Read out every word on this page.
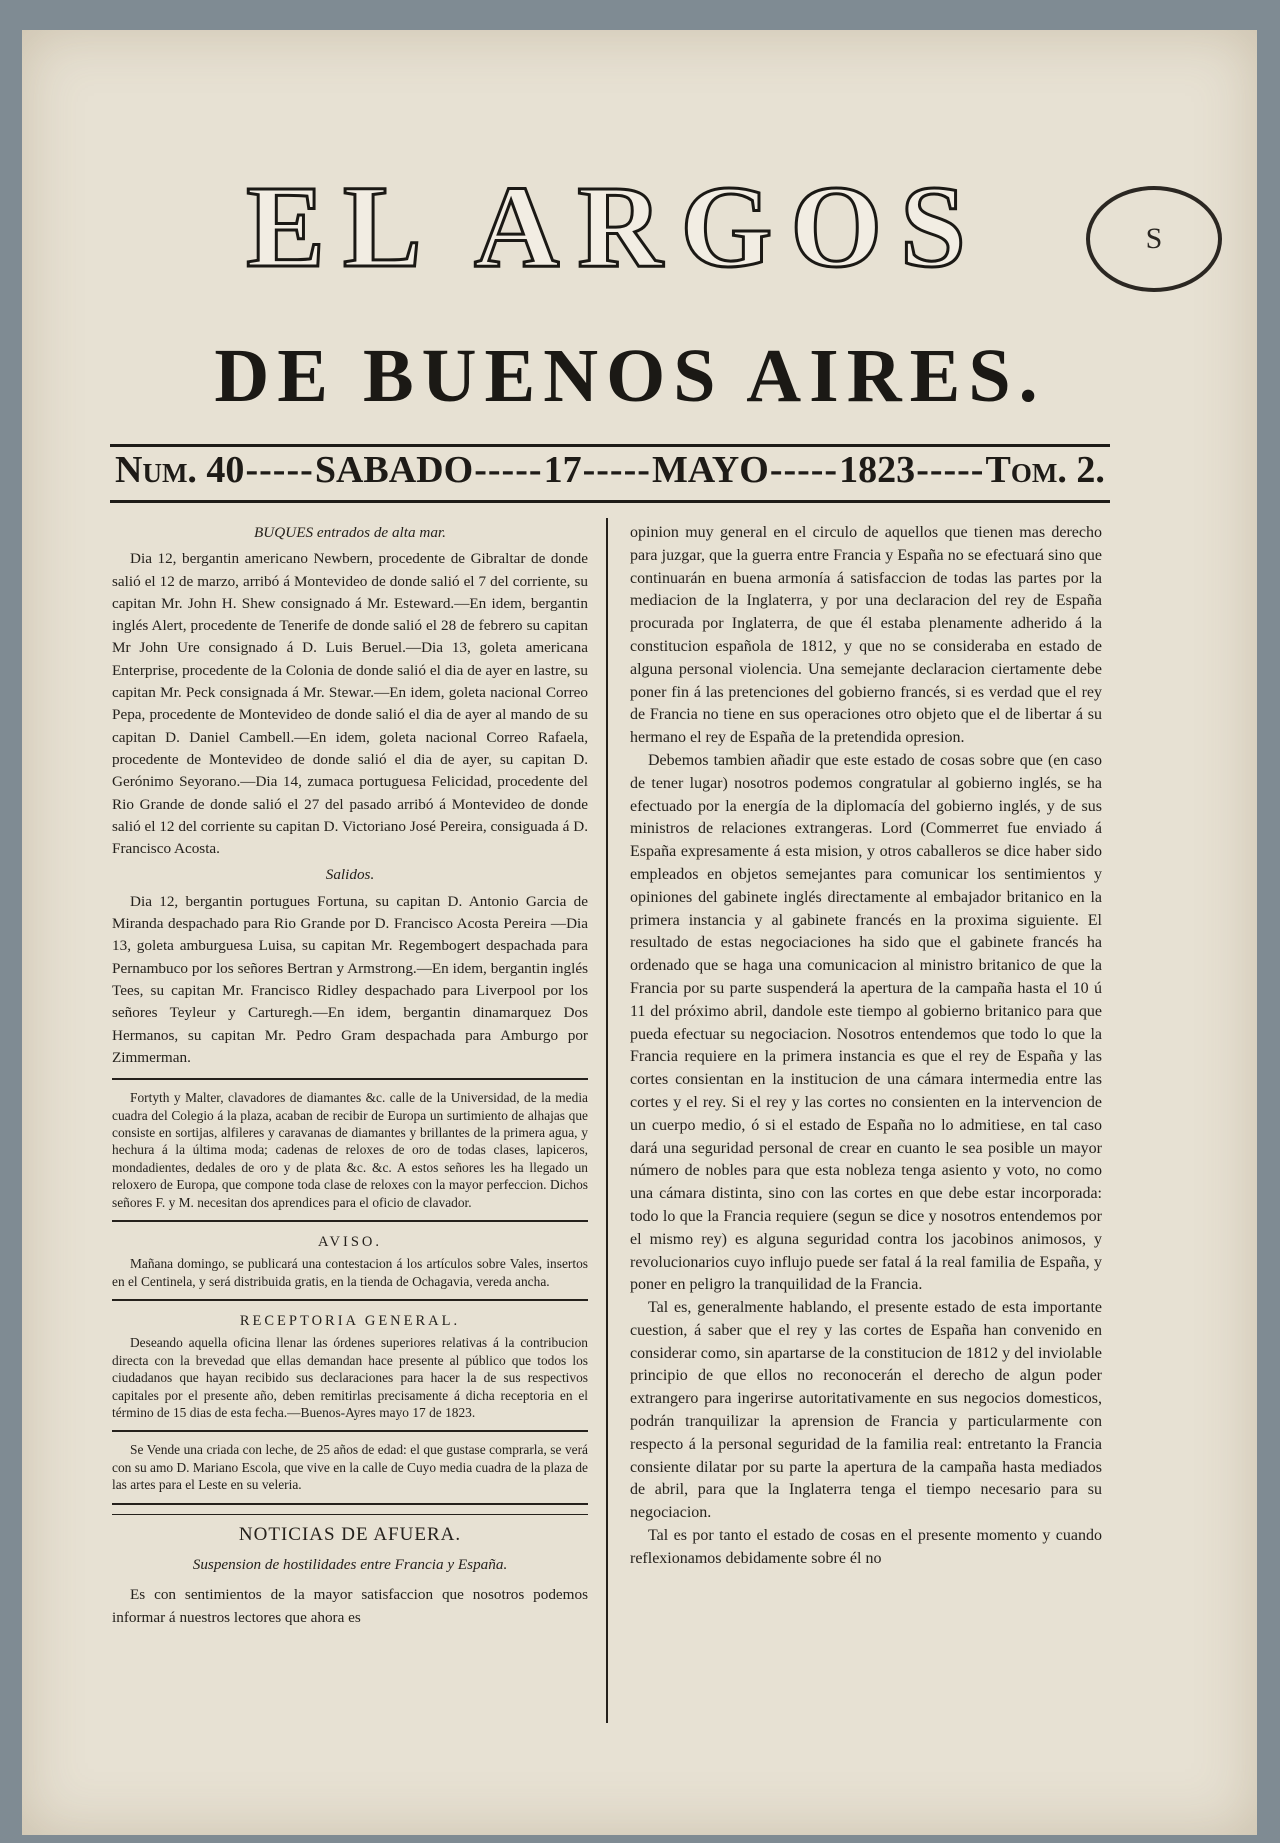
EL ARGOS	S
DE BUENOS AIRES.
Num. 40 ----- SABADO ----- 17 ----- MAYO ----- 1823 ----- Tom. 2.
BUQUES entrados de alta mar.

Dia 12, bergantin americano Newbern, procedente de Gibraltar de donde salió el 12 de marzo, arribó á Montevideo de donde salió el 7 del corriente, su capitan Mr. John H. Shew consignado á Mr. Esteward.—En idem, bergantin inglés Alert, procedente de Tenerife de donde salió el 28 de febrero su capitan Mr John Ure consignado á D. Luis Beruel.—Dia 13, goleta americana Enterprise, procedente de la Colonia de donde salió el dia de ayer en lastre, su capitan Mr. Peck consignada á Mr. Stewar.—En idem, goleta nacional Correo Pepa, procedente de Montevideo de donde salió el dia de ayer al mando de su capitan D. Daniel Cambell.—En idem, goleta nacional Correo Rafaela, procedente de Montevideo de donde salió el dia de ayer, su capitan D. Gerónimo Seyorano.—Dia 14, zumaca portuguesa Felicidad, procedente del Rio Grande de donde salió el 27 del pasado arribó á Montevideo de donde salió el 12 del corriente su capitan D. Victoriano José Pereira, consiguada á D. Francisco Acosta.

Salidos.

Dia 12, bergantin portugues Fortuna, su capitan D. Antonio Garcia de Miranda despachado para Rio Grande por D. Francisco Acosta Pereira —Dia 13, goleta amburguesa Luisa, su capitan Mr. Regembogert despachada para Pernambuco por los señores Bertran y Armstrong.—En idem, bergantin inglés Tees, su capitan Mr. Francisco Ridley despachado para Liverpool por los señores Teyleur y Carturegh.—En idem, bergantin dinamarquez Dos Hermanos, su capitan Mr. Pedro Gram despachada para Amburgo por Zimmerman.

Fortyth y Malter, clavadores de diamantes &c. calle de la Universidad, de la media cuadra del Colegio á la plaza, acaban de recibir de Europa un surtimiento de alhajas que consiste en sortijas, alfileres y caravanas de diamantes y brillantes de la primera agua, y hechura á la última moda; cadenas de reloxes de oro de todas clases, lapiceros, mondadientes, dedales de oro y de plata &c. &c. A estos señores les ha llegado un reloxero de Europa, que compone toda clase de reloxes con la mayor perfeccion. Dichos señores F. y M. necesitan dos aprendices para el oficio de clavador.

AVISO.

Mañana domingo, se publicará una contestacion á los artículos sobre Vales, insertos en el Centinela, y será distribuida gratis, en la tienda de Ochagavia, vereda ancha.

RECEPTORIA GENERAL.

Deseando aquella oficina llenar las órdenes superiores relativas á la contribucion directa con la brevedad que ellas demandan hace presente al público que todos los ciudadanos que hayan recibido sus declaraciones para hacer la de sus respectivos capitales por el presente año, deben remitirlas precisamente á dicha receptoria en el término de 15 dias de esta fecha.—Buenos-Ayres mayo 17 de 1823.

Se Vende una criada con leche, de 25 años de edad: el que gustase comprarla, se verá con su amo D. Mariano Escola, que vive en la calle de Cuyo media cuadra de la plaza de las artes para el Leste en su veleria.

NOTICIAS DE AFUERA.
Suspension de hostilidades entre Francia y España.

Es con sentimientos de la mayor satisfaccion que nosotros podemos informar á nuestros lectores que ahora es

opinion muy general en el circulo de aquellos que tienen mas derecho para juzgar, que la guerra entre Francia y España no se efectuará sino que continuarán en buena armonía á satisfaccion de todas las partes por la mediacion de la Inglaterra, y por una declaracion del rey de España procurada por Inglaterra, de que él estaba plenamente adherido á la constitucion española de 1812, y que no se consideraba en estado de alguna personal violencia. Una semejante declaracion ciertamente debe poner fin á las pretenciones del gobierno francés, si es verdad que el rey de Francia no tiene en sus operaciones otro objeto que el de libertar á su hermano el rey de España de la pretendida opresion.

Debemos tambien añadir que este estado de cosas sobre que (en caso de tener lugar) nosotros podemos congratular al gobierno inglés, se ha efectuado por la energía de la diplomacía del gobierno inglés, y de sus ministros de relaciones extrangeras. Lord (Commerret fue enviado á España expresamente á esta mision, y otros caballeros se dice haber sido empleados en objetos semejantes para comunicar los sentimientos y opiniones del gabinete inglés directamente al embajador britanico en la primera instancia y al gabinete francés en la proxima siguiente. El resultado de estas negociaciones ha sido que el gabinete francés ha ordenado que se haga una comunicacion al ministro britanico de que la Francia por su parte suspenderá la apertura de la campaña hasta el 10 ú 11 del próximo abril, dandole este tiempo al gobierno britanico para que pueda efectuar su negociacion. Nosotros entendemos que todo lo que la Francia requiere en la primera instancia es que el rey de España y las cortes consientan en la institucion de una cámara intermedia entre las cortes y el rey. Si el rey y las cortes no consienten en la intervencion de un cuerpo medio, ó si el estado de España no lo admitiese, en tal caso dará una seguridad personal de crear en cuanto le sea posible un mayor número de nobles para que esta nobleza tenga asiento y voto, no como una cámara distinta, sino con las cortes en que debe estar incorporada: todo lo que la Francia requiere (segun se dice y nosotros entendemos por el mismo rey) es alguna seguridad contra los jacobinos animosos, y revolucionarios cuyo influjo puede ser fatal á la real familia de España, y poner en peligro la tranquilidad de la Francia.

Tal es, generalmente hablando, el presente estado de esta importante cuestion, á saber que el rey y las cortes de España han convenido en considerar como, sin apartarse de la constitucion de 1812 y del inviolable principio de que ellos no reconocerán el derecho de algun poder extrangero para ingerirse autoritativamente en sus negocios domesticos, podrán tranquilizar la aprension de Francia y particularmente con respecto á la personal seguridad de la familia real: entretanto la Francia consiente dilatar por su parte la apertura de la campaña hasta mediados de abril, para que la Inglaterra tenga el tiempo necesario para su negociacion.

Tal es por tanto el estado de cosas en el presente momento y cuando reflexionamos debidamente sobre él no
